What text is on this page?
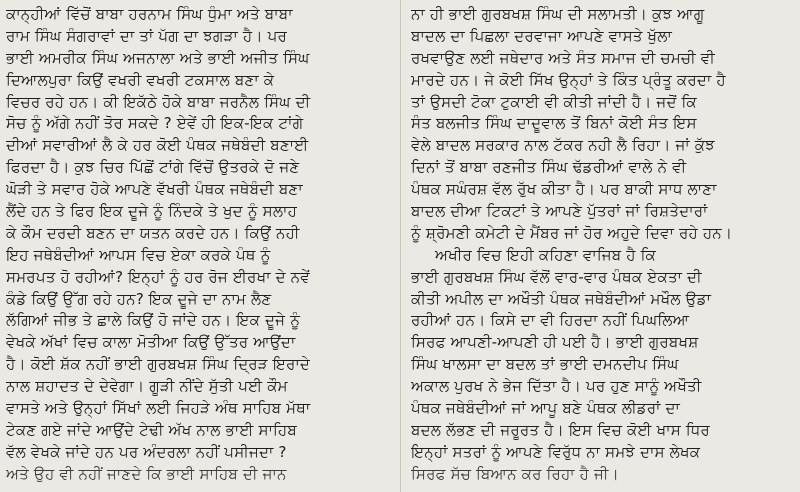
ਕਾਨ੍ਹੀਆਂ ਵਿੱਚੋਂ ਬਾਬਾ ਹਰਨਾਮ ਸਿੰਘ ਧੁੰਮਾ ਅਤੇ ਬਾਬਾ
ਰਾਮ ਸਿੰਘ ਸੰਗਰਾਵਾਂ ਦਾ ਤਾਂ ਪੱਗ ਦਾ ਝਗੜਾ ਹੈ। ਪਰ
ਭਾਈ ਅਮਰੀਕ ਸਿੰਘ ਅਜਨਾਲਾ ਅਤੇ ਭਾਈ ਅਜੀਤ ਸਿੰਘ
ਦਿਆਲਪੁਰਾ ਕਿਉਂ ਵਖਰੀ ਵਖਰੀ ਟਕਸਾਲ ਬਣਾ ਕੇ
ਵਿਚਰ ਰਹੇ ਹਨ। ਕੀ ਇਕੱਠੇ ਹੋਕੇ ਬਾਬਾ ਜਰਨੈਲ ਸਿੰਘ ਦੀ
ਸੋਚ ਨੂੰ ਅੱਗੇ ਨਹੀਂ ਤੋਰ ਸਕਦੇ ? ਏਵੇਂ ਹੀ ਇਕ-ਇਕ ਟਾਂਗੇ
ਦੀਆਂ ਸਵਾਰੀਆਂ ਲੈ ਕੇ ਹਰ ਕੋਈ ਪੰਥਕ ਜਥੇਬੰਦੀ ਬਣਾਈ
ਫਿਰਦਾ ਹੈ। ਕੁਝ ਚਿਰ ਪਿੱਛੋਂ ਟਾਂਗੇ ਵਿੱਚੋਂ ਉਤਰਕੇ ਦੋ ਜਣੇ
ਘੋੜੀ ਤੇ ਸਵਾਰ ਹੋਕੇ ਆਪਣੇ ਵੱਖਰੀ ਪੰਥਕ ਜਥੇਬੰਦੀ ਬਣਾ
ਲੈਂਦੇ ਹਨ ਤੇ ਫਿਰ ਇਕ ਦੂਜੇ ਨੂੰ ਨਿੰਦਕੇ ਤੇ ਖੁਦ ਨੂੰ ਸਲਾਹ
ਕੇ ਕੌਮ ਦਰਦੀ ਬਣਨ ਦਾ ਯਤਨ ਕਰਦੇ ਹਨ। ਕਿਉਂ ਨਹੀ
ਇਹ ਜਥੇਬੰਦੀਆਂ ਆਪਸ ਵਿਚ ਏਕਾ ਕਰਕੇ ਪੰਥ ਨੂੰ
ਸਮਰਪਤ ਹੋ ਰਹੀਆਂ? ਇਨ੍ਹਾਂ ਨੂੰ ਹਰ ਰੋਜ ਈਰਖਾ ਦੇ ਨਵੇਂ
ਕੰਡੇ ਕਿਉਂ ਉੱਗ ਰਹੇ ਹਨ? ਇਕ ਦੂਜੇ ਦਾ ਨਾਮ ਲੈਣ
ਲੱਗਿਆਂ ਜੀਭ ਤੇ ਛਾਲੇ ਕਿਉਂ ਹੋ ਜਾਂਦੇ ਹਨ। ਇਕ ਦੂਜੇ ਨੂੰ
ਵੇਖਕੇ ਅੱਖਾਂ ਵਿਚ ਕਾਲਾ ਮੋਤੀਆ ਕਿਉਂ ਉੱਤਰ ਆਉਂਦਾ
ਹੈ। ਕੋਈ ਸ਼ੱਕ ਨਹੀਂ ਭਾਈ ਗੁਰਬਖਸ਼ ਸਿੰਘ ਦ੍ਰਿੜ ਇਰਾਦੇ
ਨਾਲ ਸ਼ਹਾਦਤ ਦੇ ਦੇਵੇਗਾ। ਗੂੜੀ ਨੀਂਦੇ ਸੁੱਤੀ ਪਈ ਕੌਮ
ਵਾਸਤੇ ਅਤੇ ਉਨ੍ਹਾਂ ਸਿੱਖਾਂ ਲਈ ਜਿਹੜੇ ਅੰਥ ਸਾਹਿਬ ਮੱਥਾ
ਟੇਕਣ ਗਏ ਜਾਂਦੇ ਆਉਂਦੇ ਟੇਢੀ ਅੱਖ ਨਾਲ ਭਾਈ ਸਾਹਿਬ
ਵੱਲ ਵੇਖਕੇ ਜਾਂਦੇ ਹਨ ਪਰ ਅੰਦਰਲਾ ਨਹੀਂ ਪਸੀਜਦਾ ?
ਅਤੇ ਉਹ ਵੀ ਨਹੀਂ ਜਾਣਦੇ ਕਿ ਭਾਈ ਸਾਹਿਬ ਦੀ ਜਾਨ
ਨਾ ਹੀ ਭਾਈ ਗੁਰਬਖਸ਼ ਸਿੰਘ ਦੀ ਸਲਾਮਤੀ। ਕੁਝ ਆਗੂ
ਬਾਦਲ ਦਾ ਪਿਛਲਾ ਦਰਵਾਜਾ ਆਪਣੇ ਵਾਸਤੇ ਖੁੱਲਾ
ਰਖਵਾਉਣ ਲਈ ਜਥੇਦਾਰ ਅਤੇ ਸੰਤ ਸਮਾਜ ਦੀ ਚਮਚੀ ਵੀ
ਮਾਰਦੇ ਹਨ। ਜੇ ਕੋਈ ਸਿੱਖ ਉਨ੍ਹਾਂ ਤੇ ਕਿੰਤ ਪ੍ਰੰਤੂ ਕਰਦਾ ਹੈ
ਤਾਂ ਉਸਦੀ ਟੋਕਾ ਟੁਕਾਈ ਵੀ ਕੀਤੀ ਜਾਂਦੀ ਹੈ। ਜਦੋਂ ਕਿ
ਸੰਤ ਬਲਜੀਤ ਸਿੰਘ ਦਾਦੂਵਾਲ ਤੋਂ ਬਿਨਾਂ ਕੋਈ ਸੰਤ ਇਸ
ਵੇਲੇ ਬਾਦਲ ਸਰਕਾਰ ਨਾਲ ਟੱਕਰ ਨਹੀ ਲੈ ਰਿਹਾ। ਜਾਂ ਕੁੱਝ
ਦਿਨਾਂ ਤੋਂ ਬਾਬਾ ਰਣਜੀਤ ਸਿੰਘ ਢੱਡਰੀਆਂ ਵਾਲੇ ਨੇ ਵੀ
ਪੰਥਕ ਸਘੰਰਸ਼ ਵੱਲ ਰੁੱਖ ਕੀਤਾ ਹੈ। ਪਰ ਬਾਕੀ ਸਾਧ ਲਾਣਾ
ਬਾਦਲ ਦੀਆ ਟਿਕਟਾਂ ਤੇ ਆਪਣੇ ਪੁੱਤਰਾਂ ਜਾਂ ਰਿਸ਼ਤੇਦਾਰਾਂ
ਨੂੰ ਸ਼੍ਰੋਮਣੀ ਕਮੇਟੀ ਦੇ ਮੈਂਬਰ ਜਾਂ ਹੋਰ ਅਹੁਦੇ ਦਿਵਾ ਰਹੇ ਹਨ।
ਅਖੀਰ ਵਿਚ ਇਹੀ ਕਹਿਣਾ ਵਾਜਿਬ ਹੈ ਕਿ
ਭਾਈ ਗੁਰਬਖਸ਼ ਸਿੰਘ ਵੱਲੋਂ ਵਾਰ-ਵਾਰ ਪੰਥਕ ਏਕਤਾ ਦੀ
ਕੀਤੀ ਅਪੀਲ ਦਾ ਅਖੌਤੀ ਪੰਥਕ ਜਥੇਬੰਦੀਆਂ ਮਖੌਲ ਉਡਾ
ਰਹੀਆਂ ਹਨ। ਕਿਸੇ ਦਾ ਵੀ ਹਿਰਦਾ ਨਹੀਂ ਪਿਘਲਿਆ
ਸਿਰਫ ਆਪਣੀ-ਆਪਣੀ ਹੀ ਪਈ ਹੈ। ਭਾਈ ਗੁਰਬਖਸ਼
ਸਿੰਘ ਖਾਲਸਾ ਦਾ ਬਦਲ ਤਾਂ ਭਾਈ ਦਮਨਦੀਪ ਸਿੰਘ
ਅਕਾਲ ਪੁਰਖ ਨੇ ਭੇਜ ਦਿੱਤਾ ਹੈ। ਪਰ ਹੁਣ ਸਾਨੂੰ ਅਖੌਤੀ
ਪੰਥਕ ਜਥੇਬੰਦੀਆਂ ਜਾਂ ਆਪੂ ਬਣੇ ਪੰਥਕ ਲੀਡਰਾਂ ਦਾ
ਬਦਲ ਲੱਭਣ ਦੀ ਜਰੂਰਤ ਹੈ। ਇਸ ਵਿਚ ਕੋਈ ਖਾਸ ਧਿਰ
ਇਨ੍ਹਾਂ ਸਤਰਾਂ ਨੂੰ ਆਪਣੇ ਵਿਰੁੱਧ ਨਾ ਸਮਝੇ ਦਾਸ ਲੇਖਕ
ਸਿਰਫ ਸੱਚ ਬਿਆਨ ਕਰ ਰਿਹਾ ਹੈ ਜੀ।
